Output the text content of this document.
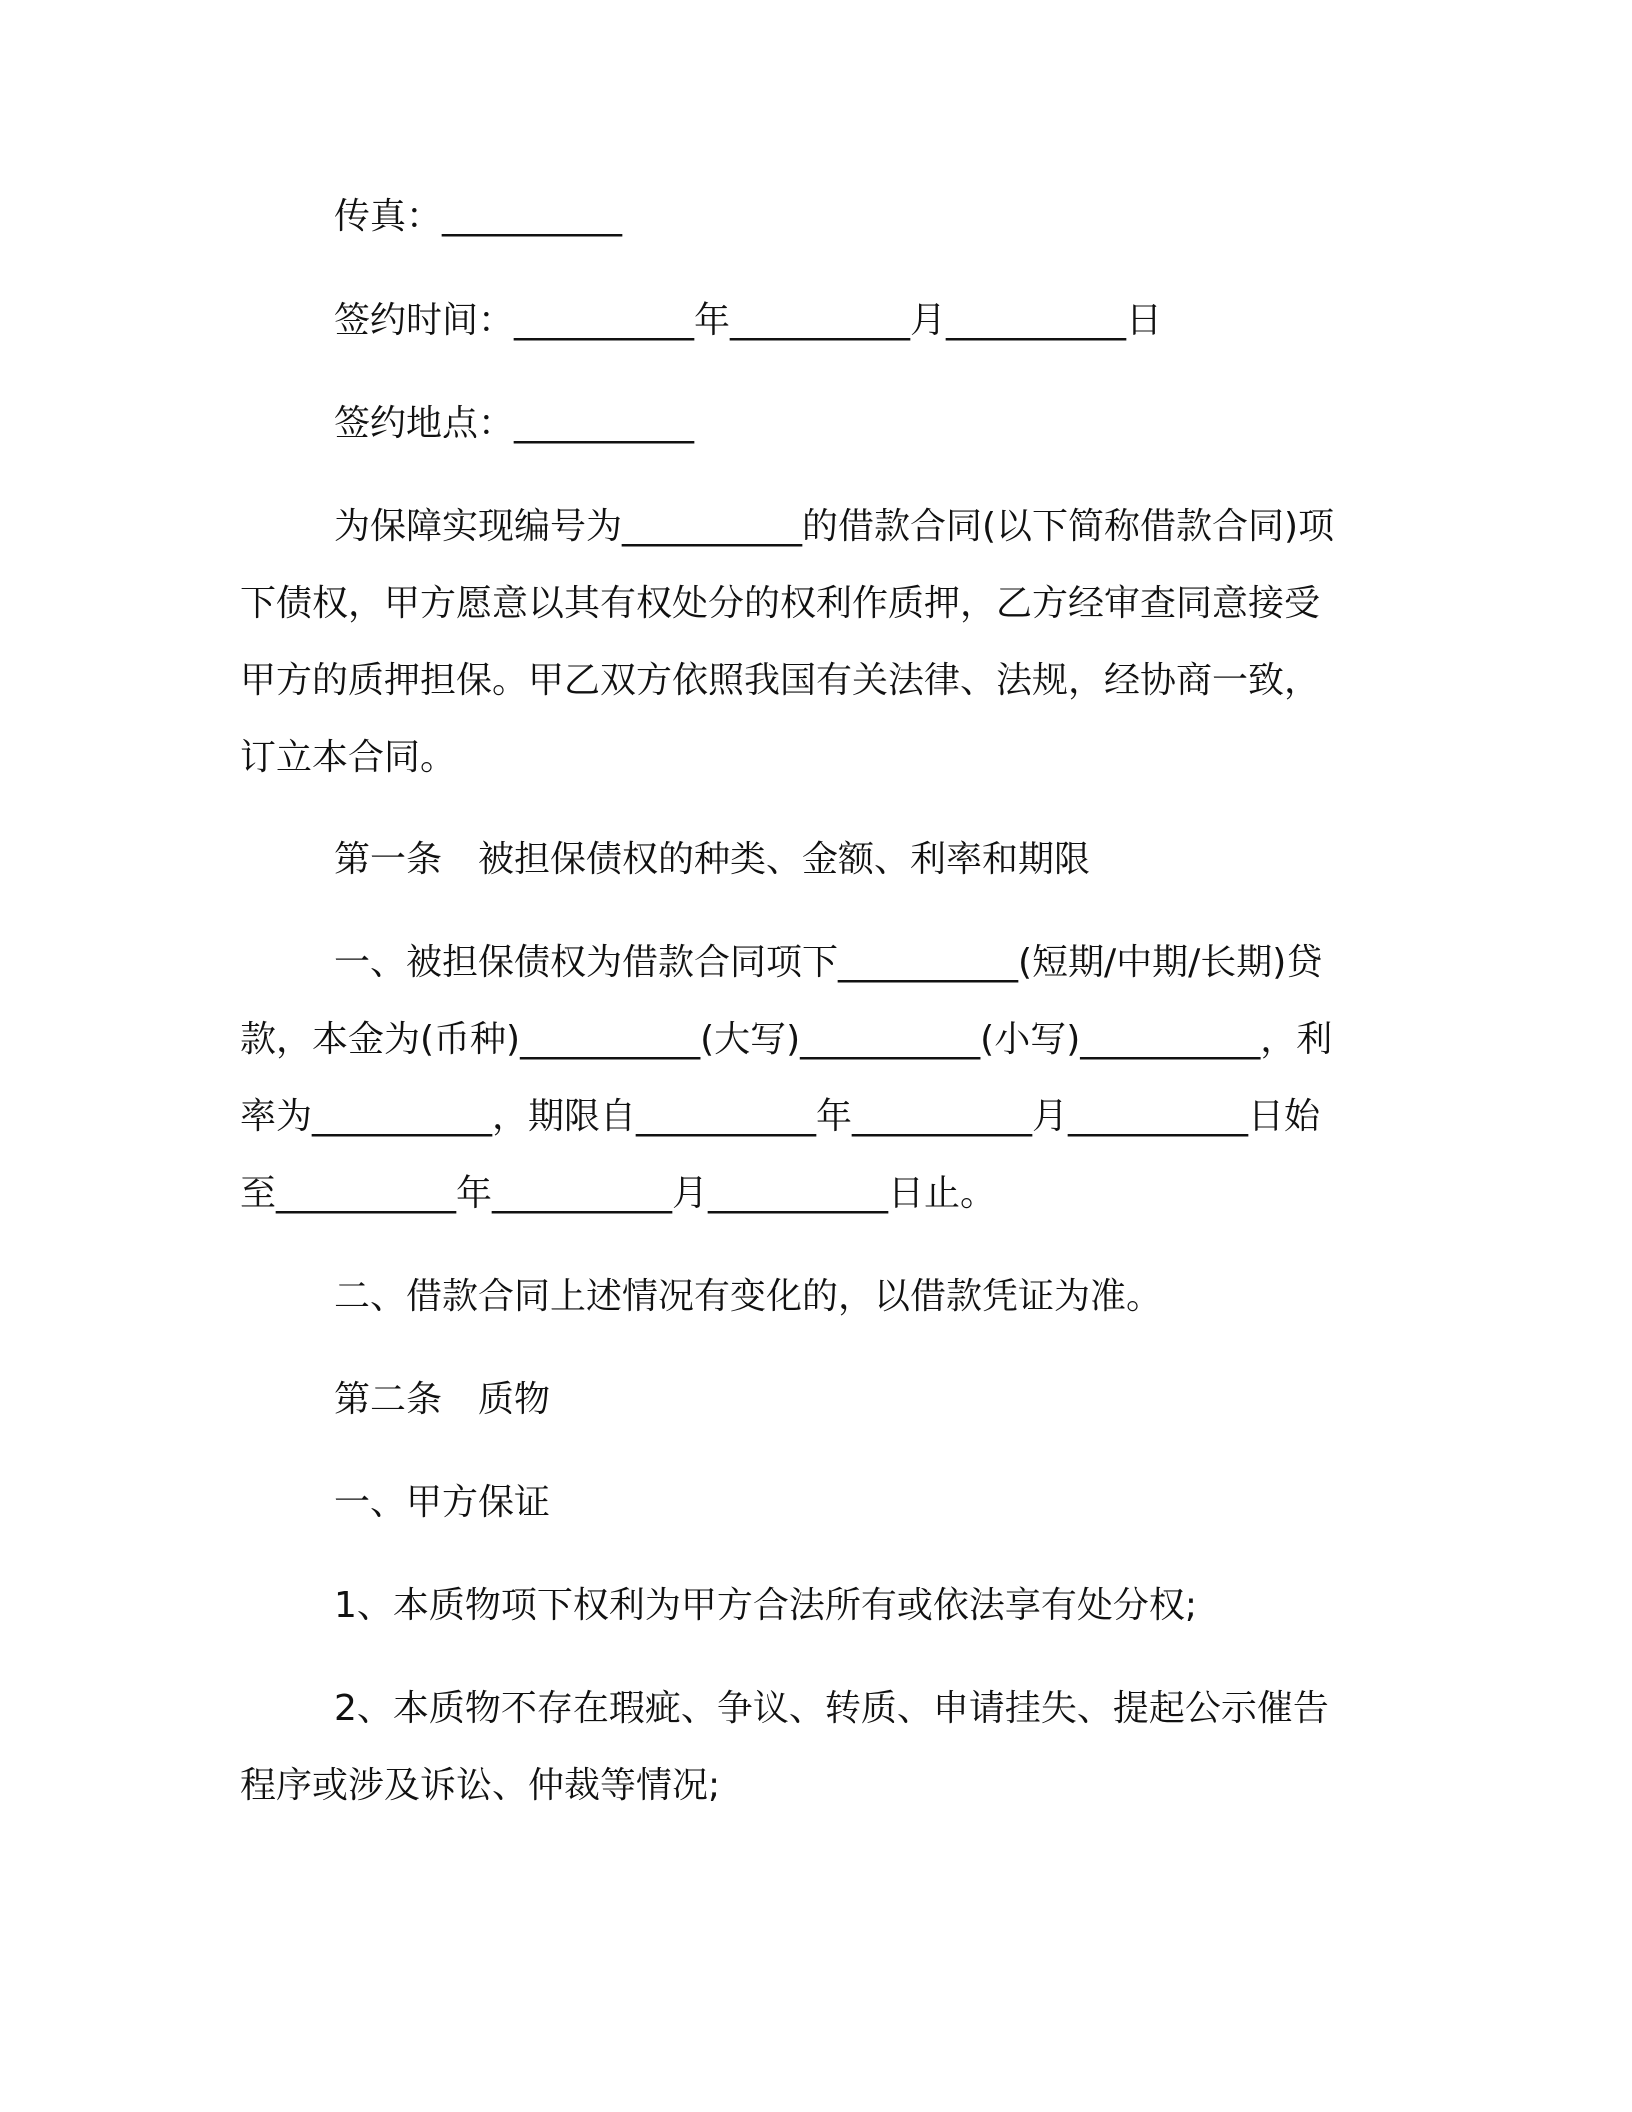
传真：__________
签约时间：__________年__________月__________日
签约地点：__________
为保障实现编号为__________的借款合同(以下简称借款合同)项
下债权，甲方愿意以其有权处分的权利作质押，乙方经审查同意接受
甲方的质押担保。甲乙双方依照我国有关法律、法规，经协商一致，
订立本合同。
第一条　被担保债权的种类、金额、利率和期限
一、被担保债权为借款合同项下__________(短期/中期/长期)贷
款，本金为(币种)__________(大写)__________(小写)__________，利
率为__________，期限自__________年__________月__________日始
至__________年__________月__________日止。
二、借款合同上述情况有变化的，以借款凭证为准。
第二条　质物
一、甲方保证
1、本质物项下权利为甲方合法所有或依法享有处分权;
2、本质物不存在瑕疵、争议、转质、申请挂失、提起公示催告
程序或涉及诉讼、仲裁等情况;
